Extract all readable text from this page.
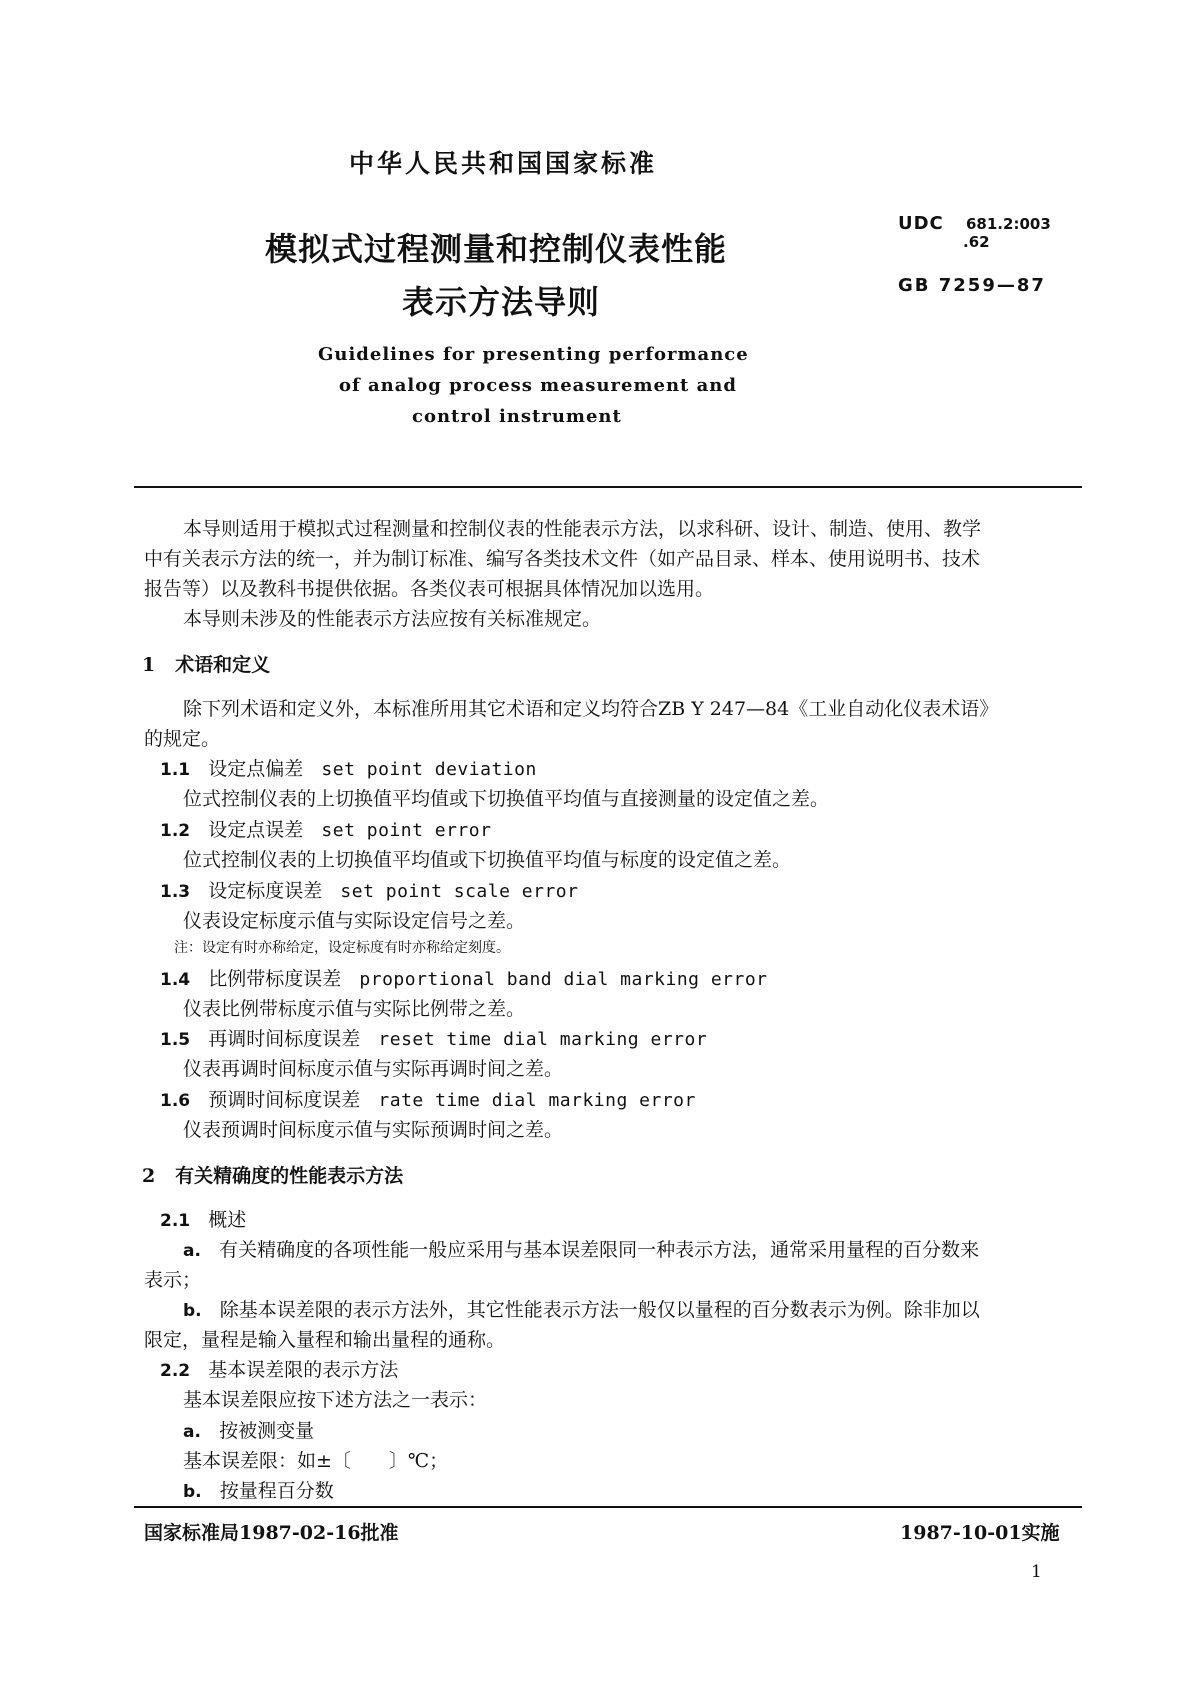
中华人民共和国国家标准
模拟式过程测量和控制仪表性能
表示方法导则
UDC 681.2:003
.62
GB 7259—87
Guidelines for presenting performance
of analog process measurement and
control instrument
本导则适用于模拟式过程测量和控制仪表的性能表示方法，以求科研、设计、制造、使用、教学
中有关表示方法的统一，并为制订标准、编写各类技术文件（如产品目录、样本、使用说明书、技术
报告等）以及教科书提供依据。各类仪表可根据具体情况加以选用。
本导则未涉及的性能表示方法应按有关标准规定。
1 术语和定义
除下列术语和定义外，本标准所用其它术语和定义均符合ZB Y 247—84《工业自动化仪表术语》
的规定。
1.1 设定点偏差 set point deviation
位式控制仪表的上切换值平均值或下切换值平均值与直接测量的设定值之差。
1.2 设定点误差 set point error
位式控制仪表的上切换值平均值或下切换值平均值与标度的设定值之差。
1.3 设定标度误差 set point scale error
仪表设定标度示值与实际设定信号之差。
注：设定有时亦称给定，设定标度有时亦称给定刻度。
1.4 比例带标度误差 proportional band dial marking error
仪表比例带标度示值与实际比例带之差。
1.5 再调时间标度误差 reset time dial marking error
仪表再调时间标度示值与实际再调时间之差。
1.6 预调时间标度误差 rate time dial marking error
仪表预调时间标度示值与实际预调时间之差。
2 有关精确度的性能表示方法
2.1 概述
a. 有关精确度的各项性能一般应采用与基本误差限同一种表示方法，通常采用量程的百分数来
表示；
b. 除基本误差限的表示方法外，其它性能表示方法一般仅以量程的百分数表示为例。除非加以
限定，量程是输入量程和输出量程的通称。
2.2 基本误差限的表示方法
基本误差限应按下述方法之一表示：
a. 按被测变量
基本误差限：如±〔　　〕℃；
b. 按量程百分数
国家标准局1987-02-16批准	1987-10-01实施
1
